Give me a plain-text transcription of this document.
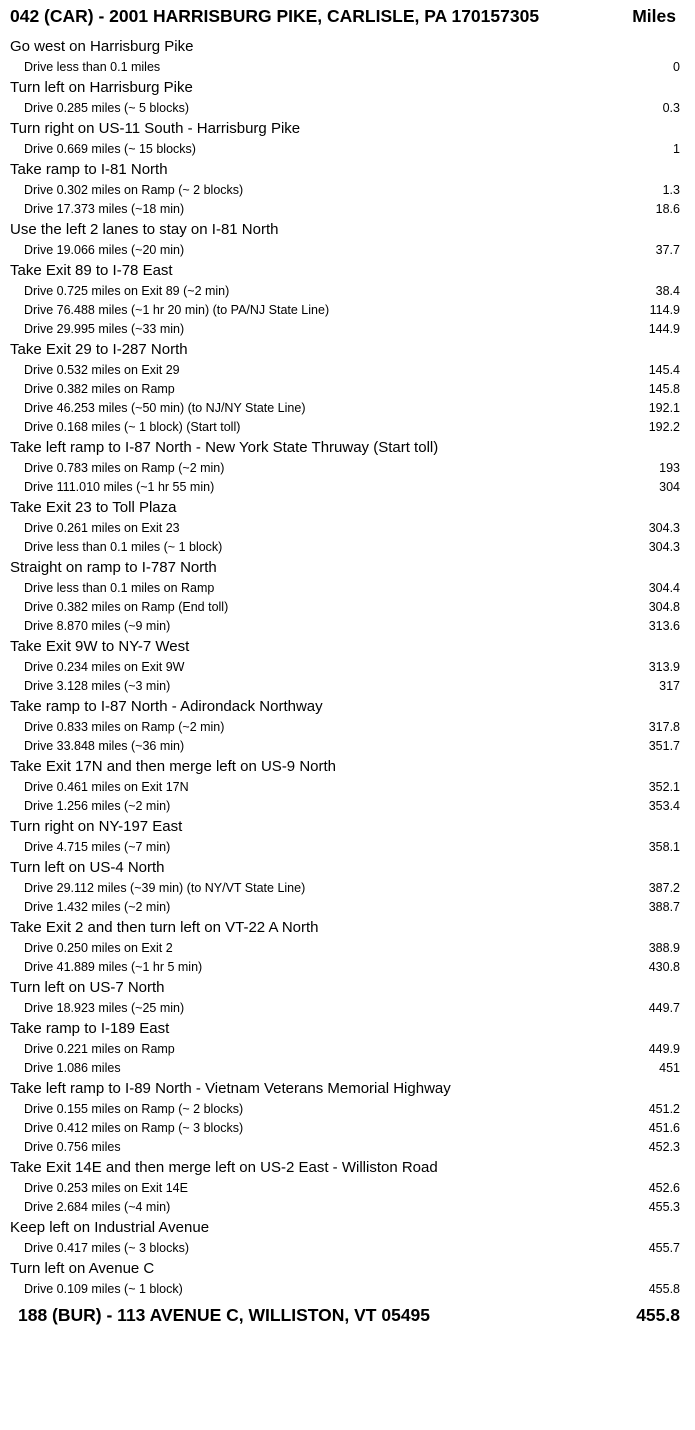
042 (CAR) - 2001 HARRISBURG PIKE, CARLISLE, PA 170157305	Miles
Go west on Harrisburg Pike
Drive less than 0.1 miles	0
Turn left on Harrisburg Pike
Drive 0.285 miles (~ 5 blocks)	0.3
Turn right on US-11 South - Harrisburg Pike
Drive 0.669 miles (~ 15 blocks)	1
Take ramp to I-81 North
Drive 0.302 miles on Ramp (~ 2 blocks)	1.3
Drive 17.373 miles (~18 min)	18.6
Use the left 2 lanes to stay on I-81 North
Drive 19.066 miles (~20 min)	37.7
Take Exit 89 to I-78 East
Drive 0.725 miles on Exit 89 (~2 min)	38.4
Drive 76.488 miles (~1 hr 20 min) (to PA/NJ State Line)	114.9
Drive 29.995 miles (~33 min)	144.9
Take Exit 29 to I-287 North
Drive 0.532 miles on Exit 29	145.4
Drive 0.382 miles on Ramp	145.8
Drive 46.253 miles (~50 min) (to NJ/NY State Line)	192.1
Drive 0.168 miles (~ 1 block) (Start toll)	192.2
Take left ramp to I-87 North - New York State Thruway (Start toll)
Drive 0.783 miles on Ramp (~2 min)	193
Drive 111.010 miles (~1 hr 55 min)	304
Take Exit 23 to Toll Plaza
Drive 0.261 miles on Exit 23	304.3
Drive less than 0.1 miles (~ 1 block)	304.3
Straight on ramp to I-787 North
Drive less than 0.1 miles on Ramp	304.4
Drive 0.382 miles on Ramp (End toll)	304.8
Drive 8.870 miles (~9 min)	313.6
Take Exit 9W to NY-7 West
Drive 0.234 miles on Exit 9W	313.9
Drive 3.128 miles (~3 min)	317
Take ramp to I-87 North - Adirondack Northway
Drive 0.833 miles on Ramp (~2 min)	317.8
Drive 33.848 miles (~36 min)	351.7
Take Exit 17N and then merge left on US-9 North
Drive 0.461 miles on Exit 17N	352.1
Drive 1.256 miles (~2 min)	353.4
Turn right on NY-197 East
Drive 4.715 miles (~7 min)	358.1
Turn left on US-4 North
Drive 29.112 miles (~39 min) (to NY/VT State Line)	387.2
Drive 1.432 miles (~2 min)	388.7
Take Exit 2 and then turn left on VT-22 A North
Drive 0.250 miles on Exit 2	388.9
Drive 41.889 miles (~1 hr 5 min)	430.8
Turn left on US-7 North
Drive 18.923 miles (~25 min)	449.7
Take ramp to I-189 East
Drive 0.221 miles on Ramp	449.9
Drive 1.086 miles	451
Take left ramp to I-89 North - Vietnam Veterans Memorial Highway
Drive 0.155 miles on Ramp (~ 2 blocks)	451.2
Drive 0.412 miles on Ramp (~ 3 blocks)	451.6
Drive 0.756 miles	452.3
Take Exit 14E and then merge left on US-2 East - Williston Road
Drive 0.253 miles on Exit 14E	452.6
Drive 2.684 miles (~4 min)	455.3
Keep left on Industrial Avenue
Drive 0.417 miles (~ 3 blocks)	455.7
Turn left on Avenue C
Drive 0.109 miles (~ 1 block)	455.8
188 (BUR) - 113 AVENUE C, WILLISTON, VT 05495	455.8
